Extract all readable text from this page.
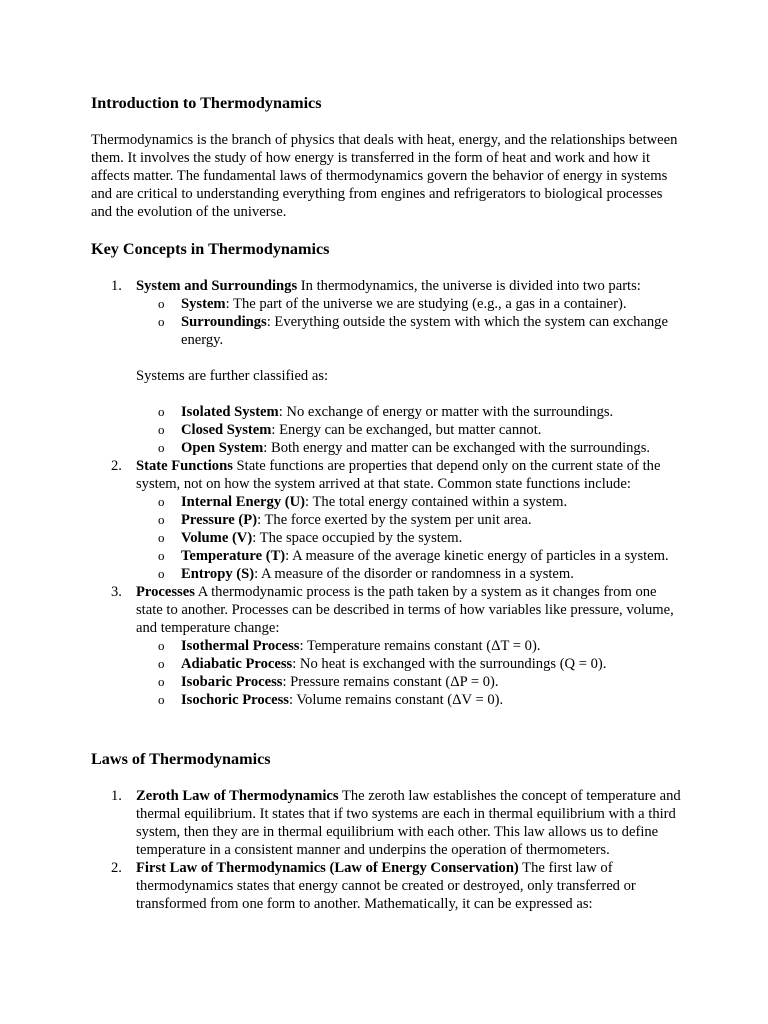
Introduction to Thermodynamics

Thermodynamics is the branch of physics that deals with heat, energy, and the relationships between them. It involves the study of how energy is transferred in the form of heat and work and how it affects matter. The fundamental laws of thermodynamics govern the behavior of energy in systems and are critical to understanding everything from engines and refrigerators to biological processes and the evolution of the universe.

Key Concepts in Thermodynamics
1. System and Surroundings In thermodynamics, the universe is divided into two parts:
o System: The part of the universe we are studying (e.g., a gas in a container).
o Surroundings: Everything outside the system with which the system can exchange energy.

Systems are further classified as:

o Isolated System: No exchange of energy or matter with the surroundings.
o Closed System: Energy can be exchanged, but matter cannot.
o Open System: Both energy and matter can be exchanged with the surroundings.
2. State Functions State functions are properties that depend only on the current state of the system, not on how the system arrived at that state. Common state functions include:
o Internal Energy (U): The total energy contained within a system.
o Pressure (P): The force exerted by the system per unit area.
o Volume (V): The space occupied by the system.
o Temperature (T): A measure of the average kinetic energy of particles in a system.
o Entropy (S): A measure of the disorder or randomness in a system.
3. Processes A thermodynamic process is the path taken by a system as it changes from one state to another. Processes can be described in terms of how variables like pressure, volume, and temperature change:
o Isothermal Process: Temperature remains constant (ΔT = 0).
o Adiabatic Process: No heat is exchanged with the surroundings (Q = 0).
o Isobaric Process: Pressure remains constant (ΔP = 0).
o Isochoric Process: Volume remains constant (ΔV = 0).
Laws of Thermodynamics
1. Zeroth Law of Thermodynamics The zeroth law establishes the concept of temperature and thermal equilibrium. It states that if two systems are each in thermal equilibrium with a third system, then they are in thermal equilibrium with each other. This law allows us to define temperature in a consistent manner and underpins the operation of thermometers.
2. First Law of Thermodynamics (Law of Energy Conservation) The first law of thermodynamics states that energy cannot be created or destroyed, only transferred or transformed from one form to another. Mathematically, it can be expressed as:
